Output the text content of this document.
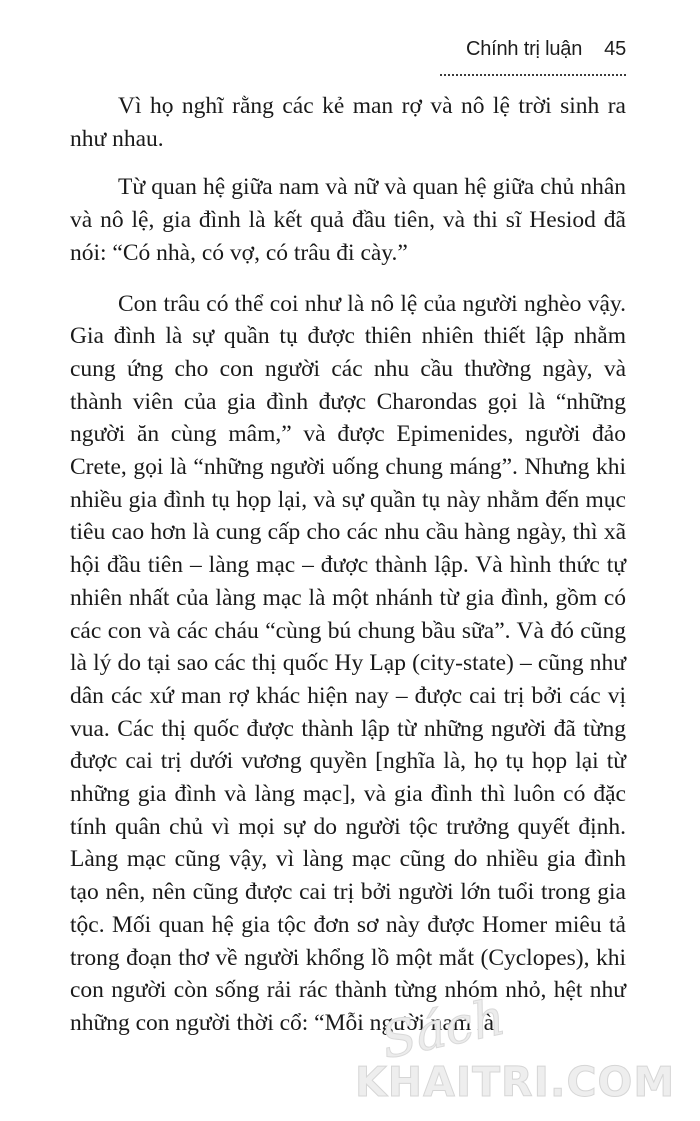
Chính trị luận 45

Vì họ nghĩ rằng các kẻ man rợ và nô lệ trời sinh ra như nhau.

Từ quan hệ giữa nam và nữ và quan hệ giữa chủ nhân và nô lệ, gia đình là kết quả đầu tiên, và thi sĩ Hesiod đã nói: “Có nhà, có vợ, có trâu đi cày.”

Con trâu có thể coi như là nô lệ của người nghèo vậy. Gia đình là sự quần tụ được thiên nhiên thiết lập nhằm cung ứng cho con người các nhu cầu thường ngày, và thành viên của gia đình được Charondas gọi là “những người ăn cùng mâm,” và được Epimenides, người đảo Crete, gọi là “những người uống chung máng”. Nhưng khi nhiều gia đình tụ họp lại, và sự quần tụ này nhằm đến mục tiêu cao hơn là cung cấp cho các nhu cầu hàng ngày, thì xã hội đầu tiên – làng mạc – được thành lập. Và hình thức tự nhiên nhất của làng mạc là một nhánh từ gia đình, gồm có các con và các cháu “cùng bú chung bầu sữa”. Và đó cũng là lý do tại sao các thị quốc Hy Lạp (city-state) – cũng như dân các xứ man rợ khác hiện nay – được cai trị bởi các vị vua. Các thị quốc được thành lập từ những người đã từng được cai trị dưới vương quyền [nghĩa là, họ tụ họp lại từ những gia đình và làng mạc], và gia đình thì luôn có đặc tính quân chủ vì mọi sự do người tộc trưởng quyết định. Làng mạc cũng vậy, vì làng mạc cũng do nhiều gia đình tạo nên, nên cũng được cai trị bởi người lớn tuổi trong gia tộc. Mối quan hệ gia tộc đơn sơ này được Homer miêu tả trong đoạn thơ về người khổng lồ một mắt (Cyclopes), khi con người còn sống rải rác thành từng nhóm nhỏ, hệt như những con người thời cổ: “Mỗi người nam là

Sách
KHAITRI.COM
